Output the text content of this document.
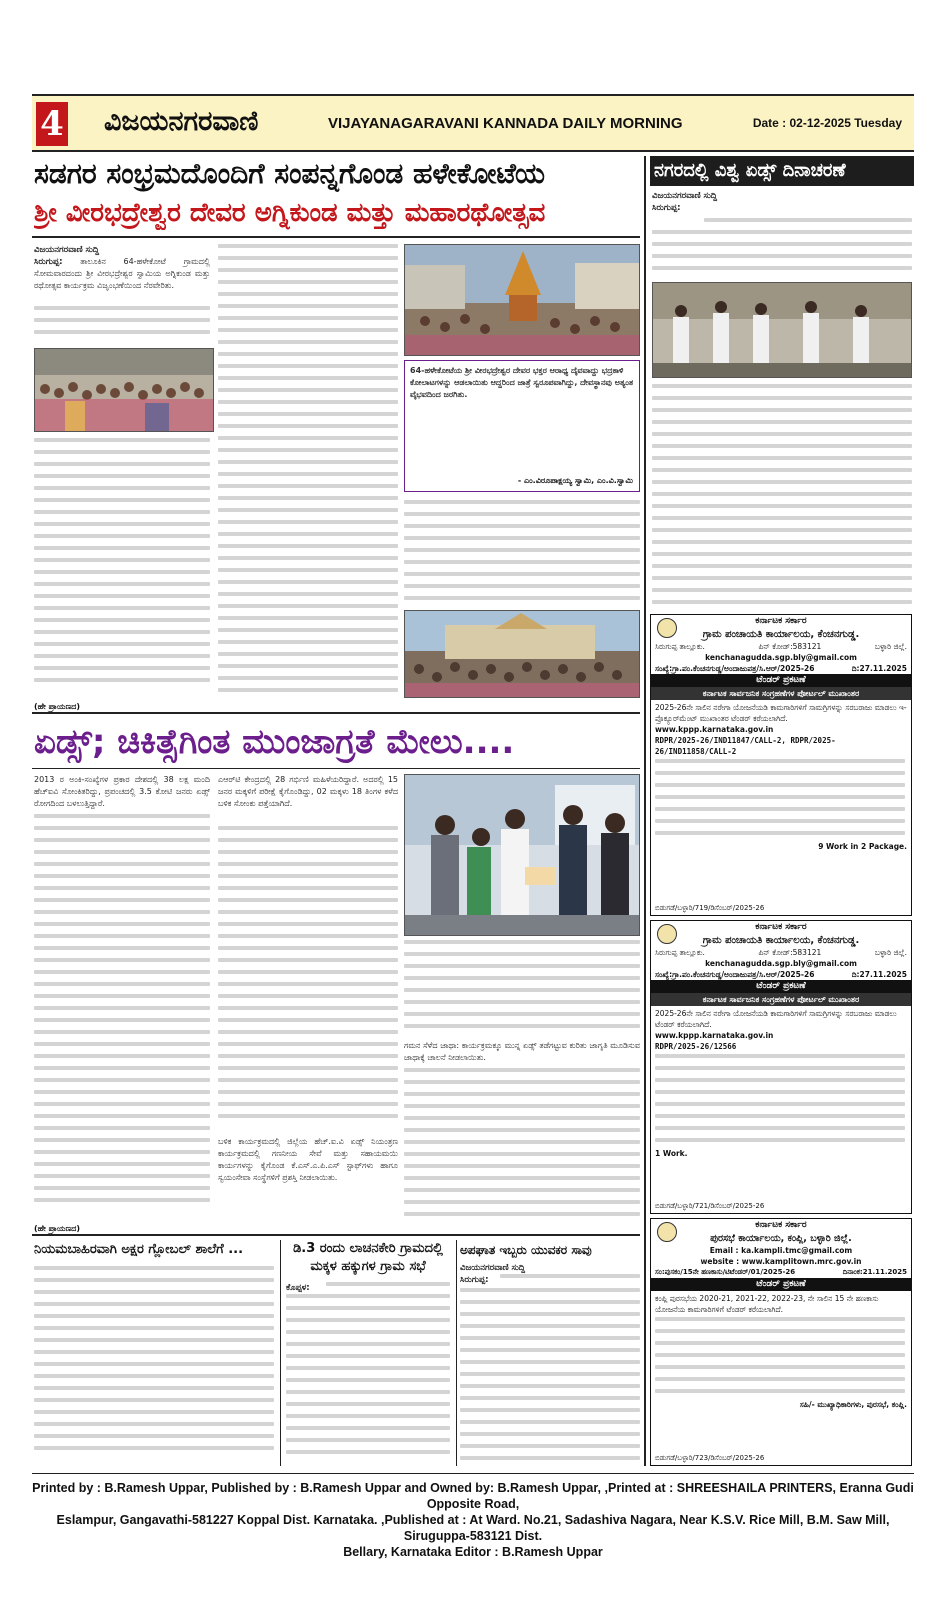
4 ವಿಜಯನಗರವಾಣಿ	VIJAYANAGARAVANI KANNADA DAILY MORNING	Date : 02-12-2025 Tuesday
ಸಡಗರ ಸಂಭ್ರಮದೊಂದಿಗೆ ಸಂಪನ್ನಗೊಂಡ ಹಳೇಕೋಟೆಯ
ಶ್ರೀ ವೀರಭದ್ರೇಶ್ವರ ದೇವರ ಅಗ್ನಿಕುಂಡ ಮತ್ತು ಮಹಾರಥೋತ್ಸವ
ವಿಜಯನಗರವಾಣಿ ಸುದ್ದಿ
ಸಿರುಗುಪ್ಪ: ತಾಲೂಕಿನ 64-ಹಳೇಕೋಟೆ ಗ್ರಾಮದಲ್ಲಿ ಸೋಮವಾರದಂದು ಶ್ರೀ ವೀರಭದ್ರೇಶ್ವರ ಸ್ವಾಮಿಯ ಅಗ್ನಿಕುಂಡ ಮತ್ತು ರಥೋತ್ಸವ ಕಾರ್ಯಕ್ರಮ ವಿಜೃಂಭಣೆಯಿಂದ ನೆರವೇರಿತು.
64-ಹಳೇಕೋಟೆಯ ಶ್ರೀ ವೀರಭದ್ರೇಶ್ವರ ದೇವರ ಭಕ್ತರ ಆರಾಧ್ಯ ದೈವವಾದ್ದು ಭದ್ರಕಾಳಿ ಕೋಲಾಟಗಳನ್ನು ಆಡಲಾಯಿತು ಆದ್ದರಿಂದ ಜಾತ್ರೆ ಸ್ವರೂಪವಾಗಿದ್ದು, ದೇವಸ್ಥಾನವು ಅತ್ಯಂತ ವೈಭವದಿಂದ ಜರಗಿತು.
- ಎಂ.ವಿರೂಪಾಕ್ಷಯ್ಯ ಸ್ವಾಮಿ, ಎಂ.ವಿ.ಸ್ವಾಮಿ
(ಹೇ ಪ್ರಾಯಣದ)
ನಗರದಲ್ಲಿ ವಿಶ್ವ ಏಡ್ಸ್ ದಿನಾಚರಣೆ
ವಿಜಯನಗರವಾಣಿ ಸುದ್ದಿ
ಸಿರುಗುಪ್ಪ:
ಕರ್ನಾಟಕ ಸರ್ಕಾರ
ಗ್ರಾಮ ಪಂಚಾಯತಿ ಕಾರ್ಯಾಲಯ, ಕೆಂಚನಗುಡ್ಡ.
ಸಿರುಗುಪ್ಪ ತಾಲ್ಲೂಕು.	ಪಿನ್ ಕೋಡ್:583121	ಬಳ್ಳಾರಿ ಜಿಲ್ಲೆ.
kenchanagudda.sgp.bly@gmail.com
ಸಂಖ್ಯೆ:ಗ್ರಾ.ಪಂ.ಕೆಂಚನಗುಡ್ಡ/ಅಂದಾಜುಪತ್ರ/ಸಿ.ಆರ್/2025-26	ದಿ:27.11.2025
ಟೆಂಡರ್ ಪ್ರಕಟಣೆ
ಕರ್ನಾಟಕ ಸಾರ್ವಜನಿಕ ಸಂಗ್ರಹಣೆಗಳ ಪೋರ್ಟಲ್ ಮುಖಾಂತರ
2025-26ನೇ ಸಾಲಿನ ನರೇಗಾ ಯೋಜನೆಯಡಿ ಕಾಮಗಾರಿಗಳಿಗೆ ಸಾಮಗ್ರಿಗಳನ್ನು ಸರಬರಾಜು ಮಾಡಲು ಇ-ಪ್ರೊಕ್ಯೂರ್‌ಮೆಂಟ್ ಮುಖಾಂತರ ಟೆಂಡರ್ ಕರೆಯಲಾಗಿದೆ.
www.kppp.karnataka.gov.in
RDPR/2025-26/IND11847/CALL-2, RDPR/2025-26/IND11858/CALL-2
9 Work in 2 Package.
ಬಿಡುಗಡೆ/ಬಳ್ಳಾರಿ/719/ಡಿಸೆಂಬರ್/2025-26
ಕರ್ನಾಟಕ ಸರ್ಕಾರ
ಗ್ರಾಮ ಪಂಚಾಯತಿ ಕಾರ್ಯಾಲಯ, ಕೆಂಚನಗುಡ್ಡ.
ಸಿರುಗುಪ್ಪ ತಾಲ್ಲೂಕು.	ಪಿನ್ ಕೋಡ್:583121	ಬಳ್ಳಾರಿ ಜಿಲ್ಲೆ.
kenchanagudda.sgp.bly@gmail.com
ಸಂಖ್ಯೆ:ಗ್ರಾ.ಪಂ.ಕೆಂಚನಗುಡ್ಡ/ಅಂದಾಜುಪತ್ರ/ಸಿ.ಆರ್/2025-26	ದಿ:27.11.2025
ಟೆಂಡರ್ ಪ್ರಕಟಣೆ
ಕರ್ನಾಟಕ ಸಾರ್ವಜನಿಕ ಸಂಗ್ರಹಣೆಗಳ ಪೋರ್ಟಲ್ ಮುಖಾಂತರ
2025-26ನೇ ಸಾಲಿನ ನರೇಗಾ ಯೋಜನೆಯಡಿ ಕಾಮಗಾರಿಗಳಿಗೆ ಸಾಮಗ್ರಿಗಳನ್ನು ಸರಬರಾಜು ಮಾಡಲು ಟೆಂಡರ್ ಕರೆಯಲಾಗಿದೆ.
www.kppp.karnataka.gov.in
RDPR/2025-26/12566
1 Work.
ಬಿಡುಗಡೆ/ಬಳ್ಳಾರಿ/721/ಡಿಸೆಂಬರ್/2025-26
ಕರ್ನಾಟಕ ಸರ್ಕಾರ
ಪುರಸಭೆ ಕಾರ್ಯಾಲಯ, ಕಂಪ್ಲಿ, ಬಳ್ಳಾರಿ ಜಿಲ್ಲೆ.
Email : ka.kampli.tmc@gmail.com
website : www.kamplitown.mrc.gov.in
ಸಂ:ಪುಸಕಂ/15ನೇ ಹಣಕಾಸು/ಟಿಟೆಂಡರ್/01/2025-26	ದಿನಾಂಕ:21.11.2025
ಟೆಂಡರ್ ಪ್ರಕಟಣೆ
ಕಂಪ್ಲಿ ಪುರಸಭೆಯ 2020-21, 2021-22, 2022-23, ನೇ ಸಾಲಿನ 15 ನೇ ಹಣಕಾಸು ಯೋಜನೆಯ ಕಾಮಗಾರಿಗಳಿಗೆ ಟೆಂಡರ್ ಕರೆಯಲಾಗಿದೆ.
ಸಹಿ/- ಮುಖ್ಯಾಧಿಕಾರಿಗಳು, ಪುರಸಭೆ, ಕಂಪ್ಲಿ.
ಬಿಡುಗಡೆ/ಬಳ್ಳಾರಿ/723/ಡಿಸೆಂಬರ್/2025-26
ಏಡ್ಸ್; ಚಿಕಿತ್ಸೆಗಿಂತ ಮುಂಜಾಗ್ರತೆ ಮೇಲು....
2013 ರ ಅಂಕಿ-ಸಂಖ್ಯೆಗಳ ಪ್ರಕಾರ ದೇಶದಲ್ಲಿ 38 ಲಕ್ಷ ಮಂದಿ ಹೆಚ್‌ಐವಿ ಸೋಂಕಿತರಿದ್ದು, ಪ್ರಪಂಚದಲ್ಲಿ 3.5 ಕೋಟಿ ಜನರು ಏಡ್ಸ್ ರೋಗದಿಂದ ಬಳಲುತ್ತಿದ್ದಾರೆ.
ಎಆರ್‌ಟಿ ಕೇಂದ್ರದಲ್ಲಿ 28 ಗರ್ಭಿಣಿ ಮಹಿಳೆಯರಿದ್ದಾರೆ. ಅದರಲ್ಲಿ 15 ಜನರ ಮಕ್ಕಳಿಗೆ ಪರೀಕ್ಷೆ ಕೈಗೊಂಡಿದ್ದು, 02 ಮಕ್ಕಳು 18 ತಿಂಗಳ ಕಳೆದ ಬಳಿಕ ಸೋಂಕು ಪತ್ತೆಯಾಗಿದೆ.
ಬಳಿಕ ಕಾರ್ಯಕ್ರಮದಲ್ಲಿ ಜಿಲ್ಲೆಯ ಹೆಚ್.ಐ.ವಿ ಏಡ್ಸ್ ನಿಯಂತ್ರಣ ಕಾರ್ಯಕ್ರಮದಲ್ಲಿ ಗಣನೀಯ ಸೇವೆ ಮತ್ತು ಸಹಾಯಮಯಿ ಕಾರ್ಯಗಳನ್ನು ಕೈಗೊಂಡ ಕೆ.ಎಸ್.ಎ.ಪಿ.ಎಸ್ ಸ್ಟಾಫ್‌ಗಳು ಹಾಗೂ ಸ್ವಯಂಸೇವಾ ಸಂಸ್ಥೆಗಳಿಗೆ ಪ್ರಶಸ್ತಿ ನೀಡಲಾಯಿತು.
ಗಮನ ಸೆಳೆದ ಜಾಥಾ: ಕಾರ್ಯಕ್ರಮಕ್ಕೂ ಮುನ್ನ ಏಡ್ಸ್ ತಡೆಗಟ್ಟುವ ಕುರಿತು ಜಾಗೃತಿ ಮೂಡಿಸುವ ಜಾಥಾಕ್ಕೆ ಚಾಲನೆ ನೀಡಲಾಯಿತು.
(ಹೇ ಪ್ರಾಯಣದ)
ನಿಯಮಬಾಹಿರವಾಗಿ ಅಕ್ಷರ ಗ್ಲೋಬಲ್ ಶಾಲೆಗೆ ...	ಡಿ.3 ರಂದು ಲಾಚನಕೇರಿ ಗ್ರಾಮದಲ್ಲಿ
ಮಕ್ಕಳ ಹಕ್ಕುಗಳ ಗ್ರಾಮ ಸಭೆ
ಕೊಪ್ಪಳ:
ಅಪಘಾತ ಇಬ್ಬರು ಯುವಕರ ಸಾವು
ವಿಜಯನಗರವಾಣಿ ಸುದ್ದಿ
ಸಿರುಗುಪ್ಪ:
Printed by : B.Ramesh Uppar, Published by : B.Ramesh Uppar and Owned by: B.Ramesh Uppar, ,Printed at : SHREESHAILA PRINTERS, Eranna Gudi Opposite Road,
Eslampur, Gangavathi-581227 Koppal Dist. Karnataka. ,Published at : At Ward. No.21, Sadashiva Nagara, Near K.S.V. Rice Mill, B.M. Saw Mill, Siruguppa-583121 Dist.
Bellary, Karnataka Editor : B.Ramesh Uppar
